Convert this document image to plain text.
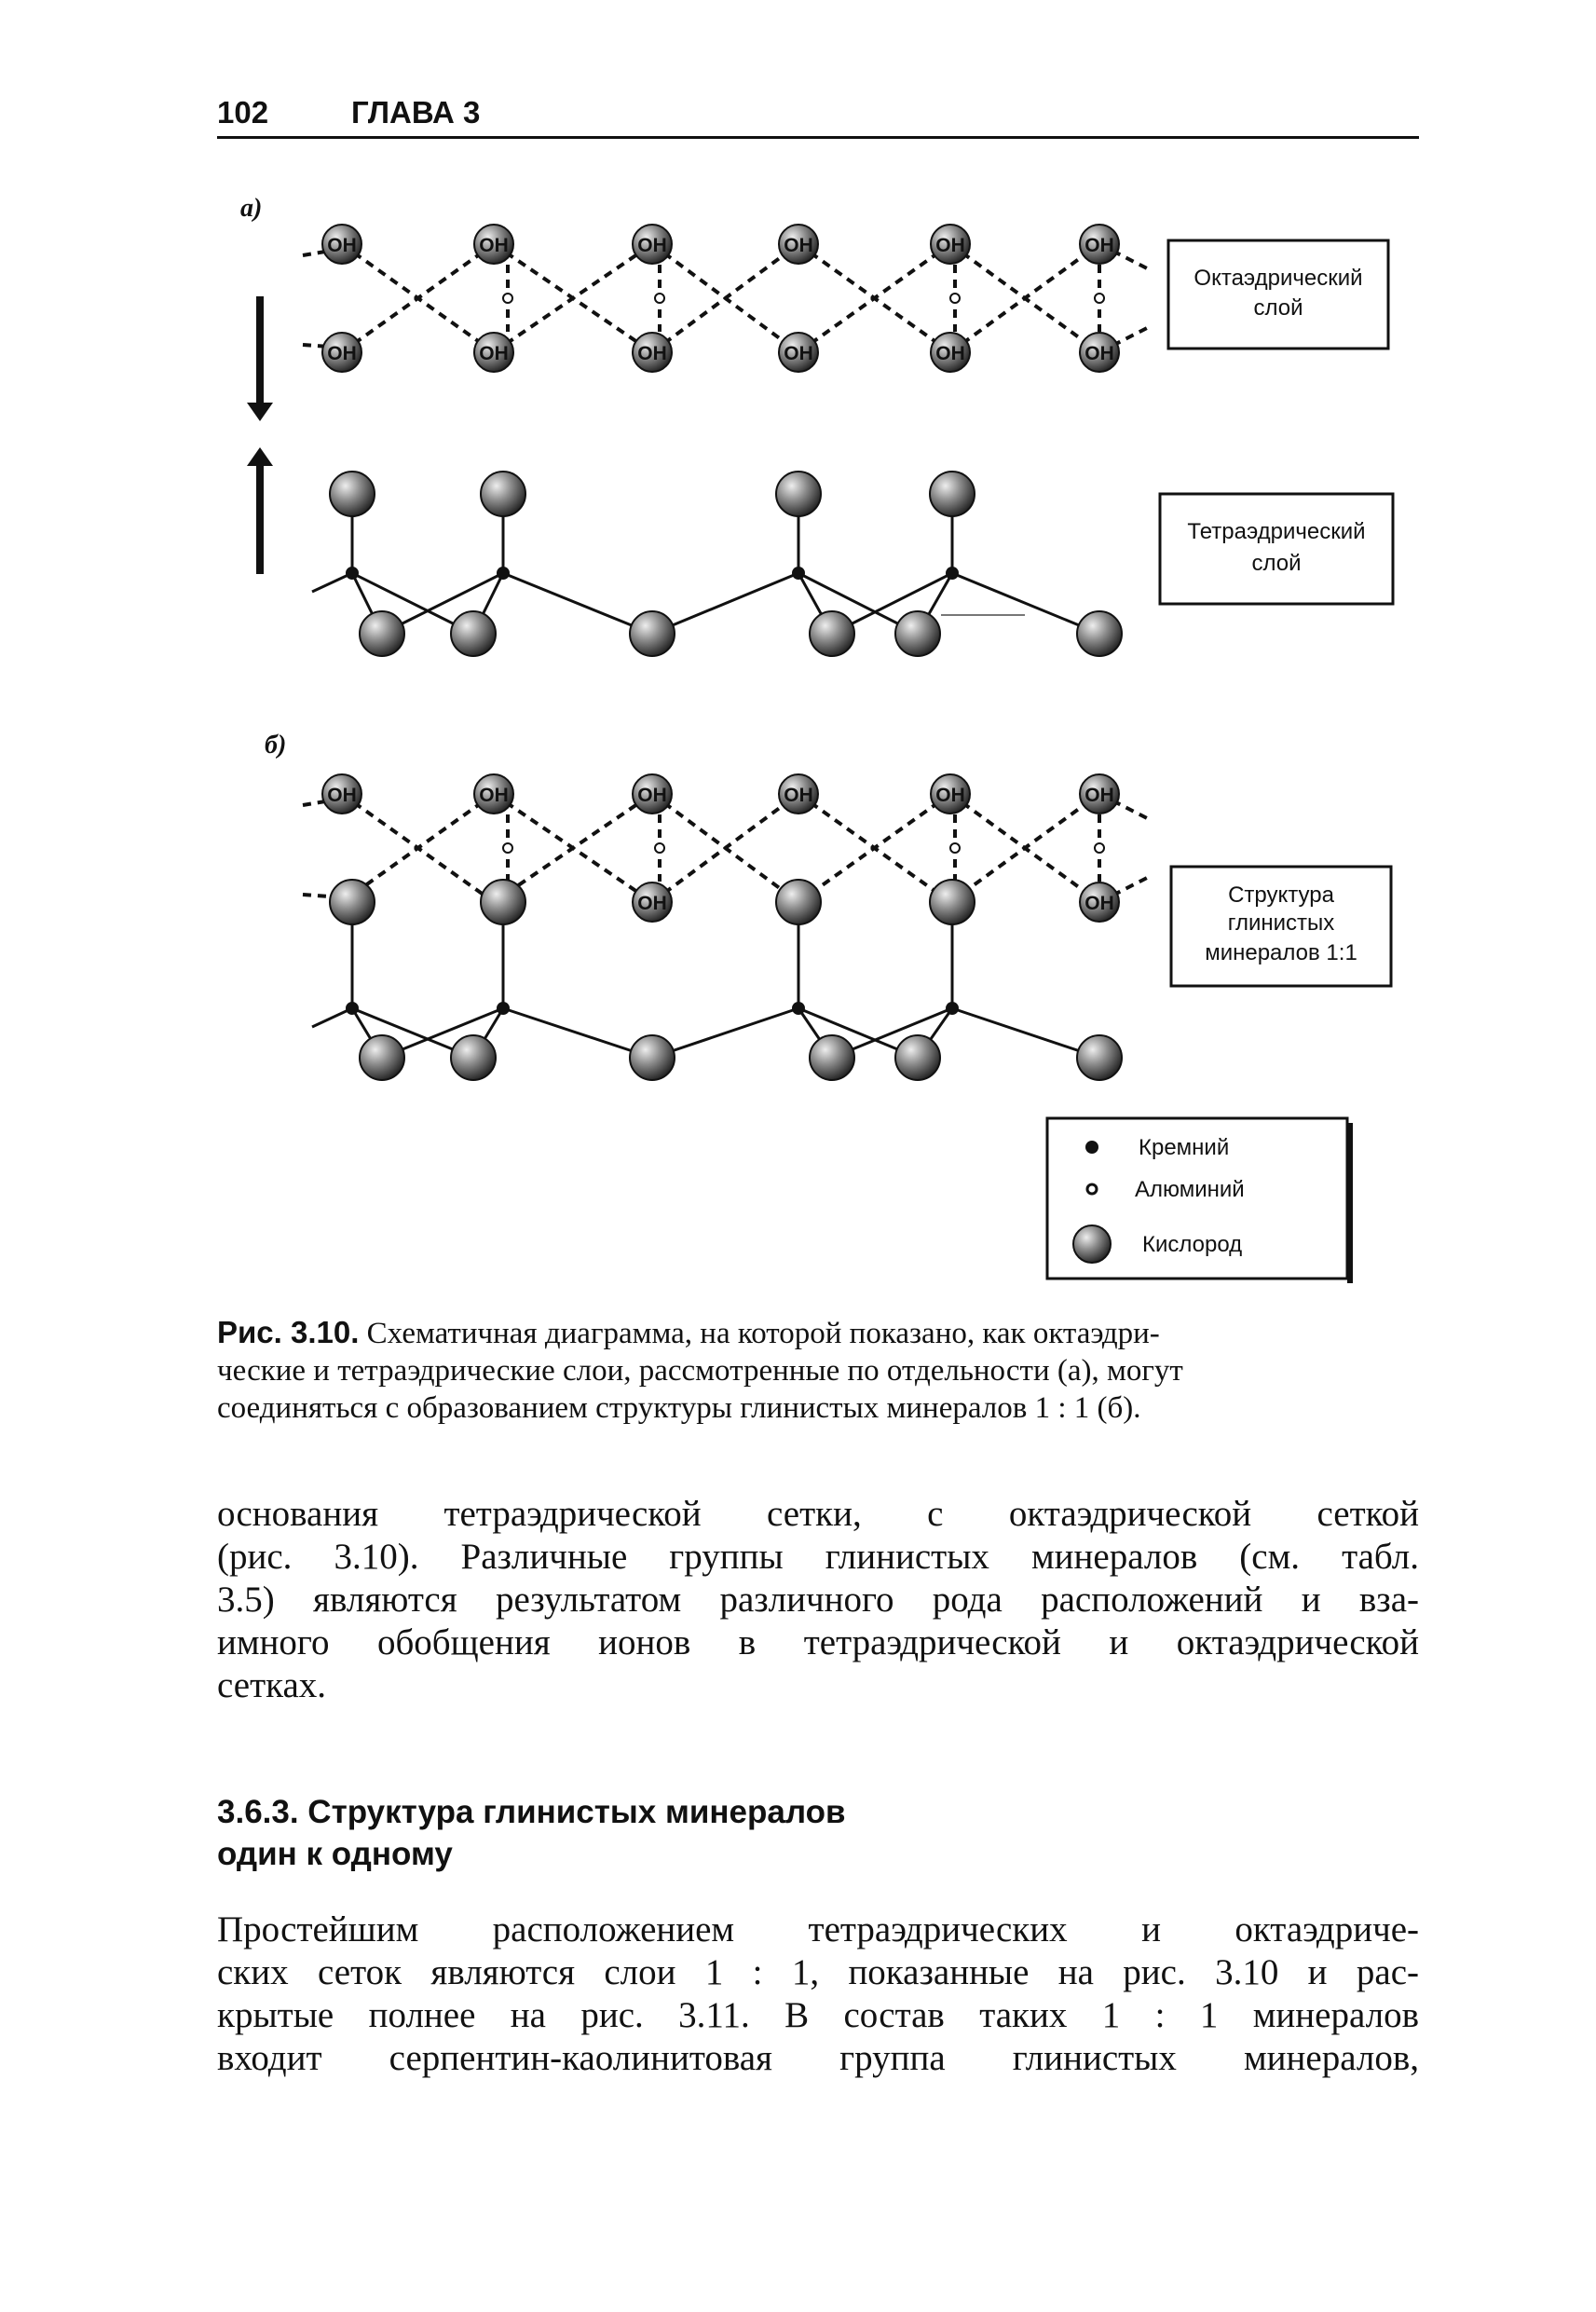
102	ГЛАВА 3
а)
б)
OH	OH	OH	OH	OH	OH
OH	OH	OH	OH	OH	OH
OH	OH	OH	OH	OH	OH
OH	OH
Октаэдрический
слой
Тетраэдрический
слой
Структура
глинистых
минералов 1:1
Кремний
Алюминий
Кислород
Рис. 3.10. Схематичная диаграмма, на которой показано, как октаэдри-
ческие и тетраэдрические слои, рассмотренные по отдельности (а), могут
соединяться с образованием структуры глинистых минералов 1 : 1 (б).
основания тетраэдрической сетки, с октаэдрической сеткой
(рис. 3.10). Различные группы глинистых минералов (см. табл.
3.5) являются результатом различного рода расположений и вза-
имного обобщения ионов в тетраэдрической и октаэдрической
сетках.
3.6.3. Структура глинистых минералов
один к одному
Простейшим расположением тетраэдрических и октаэдриче-
ских сеток являются слои 1 : 1, показанные на рис. 3.10 и рас-
крытые полнее на рис. 3.11. В состав таких 1 : 1 минералов
входит серпентин-каолинитовая группа глинистых минералов,
